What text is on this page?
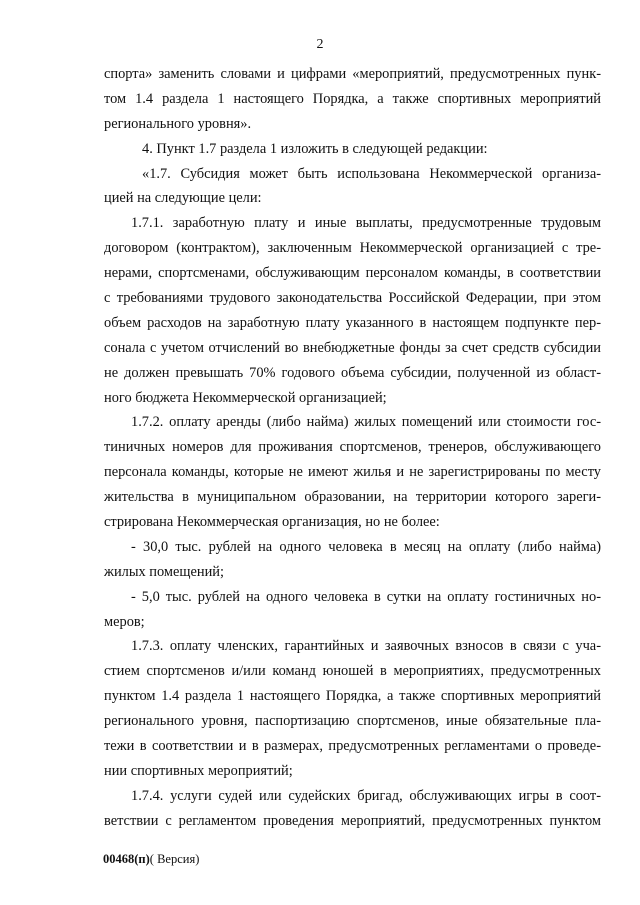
2
спорта» заменить словами и цифрами «мероприятий, предусмотренных пунк-
том 1.4 раздела 1 настоящего Порядка, а также спортивных мероприятий
регионального уровня».
4. Пункт 1.7 раздела 1 изложить в следующей редакции:
«1.7. Субсидия может быть использована Некоммерческой организа-
цией на следующие цели:
1.7.1. заработную плату и иные выплаты, предусмотренные трудовым
договором (контрактом), заключенным Некоммерческой организацией с тре-
нерами, спортсменами, обслуживающим персоналом команды, в соответствии
с требованиями трудового законодательства Российской Федерации, при этом
объем расходов на заработную плату указанного в настоящем подпункте пер-
сонала с учетом отчислений во внебюджетные фонды за счет средств субсидии
не должен превышать 70% годового объема субсидии, полученной из област-
ного бюджета Некоммерческой организацией;
1.7.2. оплату аренды (либо найма) жилых помещений или стоимости гос-
тиничных номеров для проживания спортсменов, тренеров, обслуживающего
персонала команды, которые не имеют жилья и не зарегистрированы по месту
жительства в муниципальном образовании, на территории которого зареги-
стрирована Некоммерческая организация, но не более:
- 30,0 тыс. рублей на одного человека в месяц на оплату (либо найма)
жилых помещений;
- 5,0 тыс. рублей на одного человека в сутки на оплату гостиничных но-
меров;
1.7.3. оплату членских, гарантийных и заявочных взносов в связи с уча-
стием спортсменов и/или команд юношей в мероприятиях, предусмотренных
пунктом 1.4 раздела 1 настоящего Порядка, а также спортивных мероприятий
регионального уровня, паспортизацию спортсменов, иные обязательные пла-
тежи в соответствии и в размерах, предусмотренных регламентами о проведе-
нии спортивных мероприятий;
1.7.4. услуги судей или судейских бригад, обслуживающих игры в соот-
ветствии с регламентом проведения мероприятий, предусмотренных пунктом
00468(п)( Версия)
